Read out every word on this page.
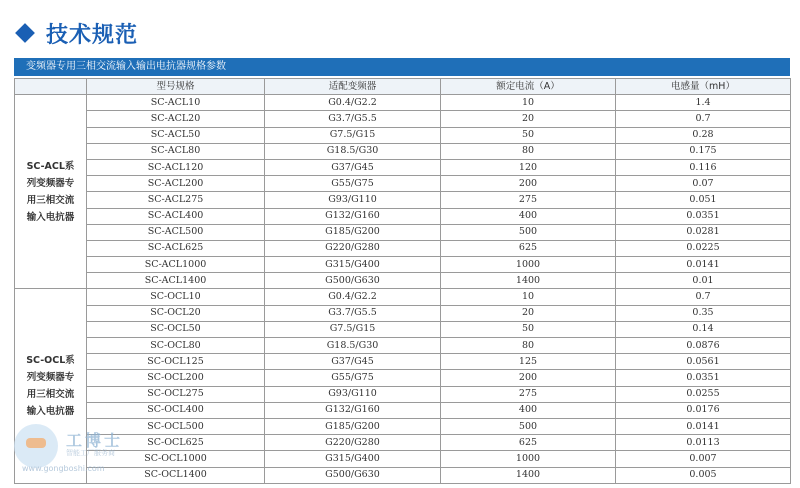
技术规范
变频器专用三相交流输入输出电抗器规格参数
	型号规格	适配变频器	额定电流（A）	电感量（mH）
SC-ACL系列变频器专用三相交流输入电抗器	SC-ACL10	G0.4/G2.2	10	1.4
	SC-ACL20	G3.7/G5.5	20	0.7
	SC-ACL50	G7.5/G15	50	0.28
	SC-ACL80	G18.5/G30	80	0.175
	SC-ACL120	G37/G45	120	0.116
	SC-ACL200	G55/G75	200	0.07
	SC-ACL275	G93/G110	275	0.051
	SC-ACL400	G132/G160	400	0.0351
	SC-ACL500	G185/G200	500	0.0281
	SC-ACL625	G220/G280	625	0.0225
	SC-ACL1000	G315/G400	1000	0.0141
	SC-ACL1400	G500/G630	1400	0.01
SC-OCL系列变频器专用三相交流输入电抗器	SC-OCL10	G0.4/G2.2	10	0.7
	SC-OCL20	G3.7/G5.5	20	0.35
	SC-OCL50	G7.5/G15	50	0.14
	SC-OCL80	G18.5/G30	80	0.0876
	SC-OCL125	G37/G45	125	0.0561
	SC-OCL200	G55/G75	200	0.0351
	SC-OCL275	G93/G110	275	0.0255
	SC-OCL400	G132/G160	400	0.0176
	SC-OCL500	G185/G200	500	0.0141
	SC-OCL625	G220/G280	625	0.0113
	SC-OCL1000	G315/G400	1000	0.007
	SC-OCL1400	G500/G630	1400	0.005
工博士
智能工厂服务商
www.gongboshi.com
